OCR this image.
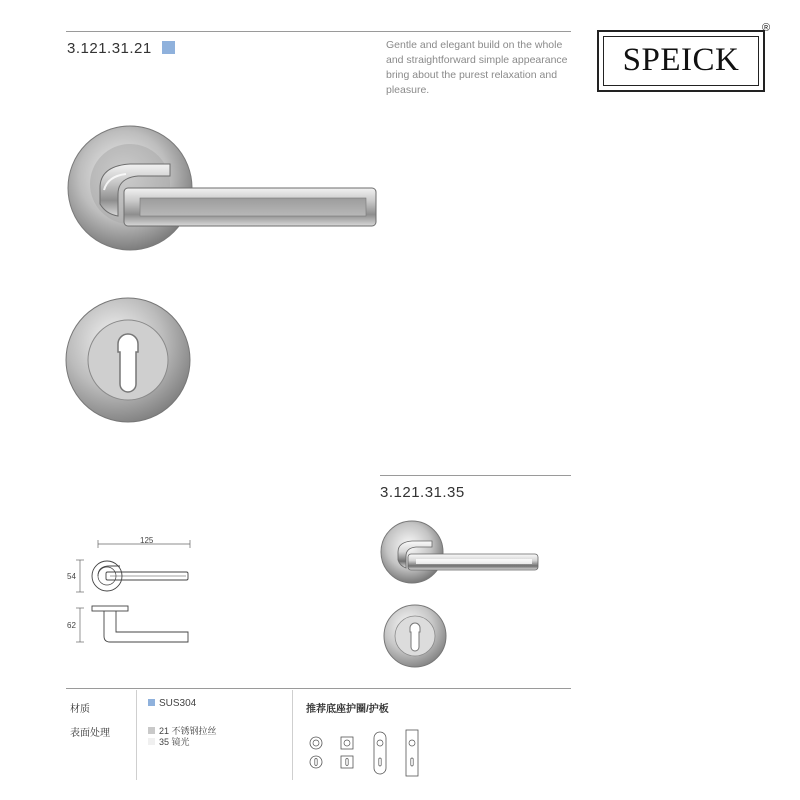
3.121.31.21	Gentle and elegant build on the whole
and straightforward simple appearance
bring about the purest relaxation and
pleasure.
SPEICK
®
3.121.31.35
125
54
62
材质
表面处理
SUS304
21 不锈钢拉丝
35 镜光
推荐底座护圈/护板
